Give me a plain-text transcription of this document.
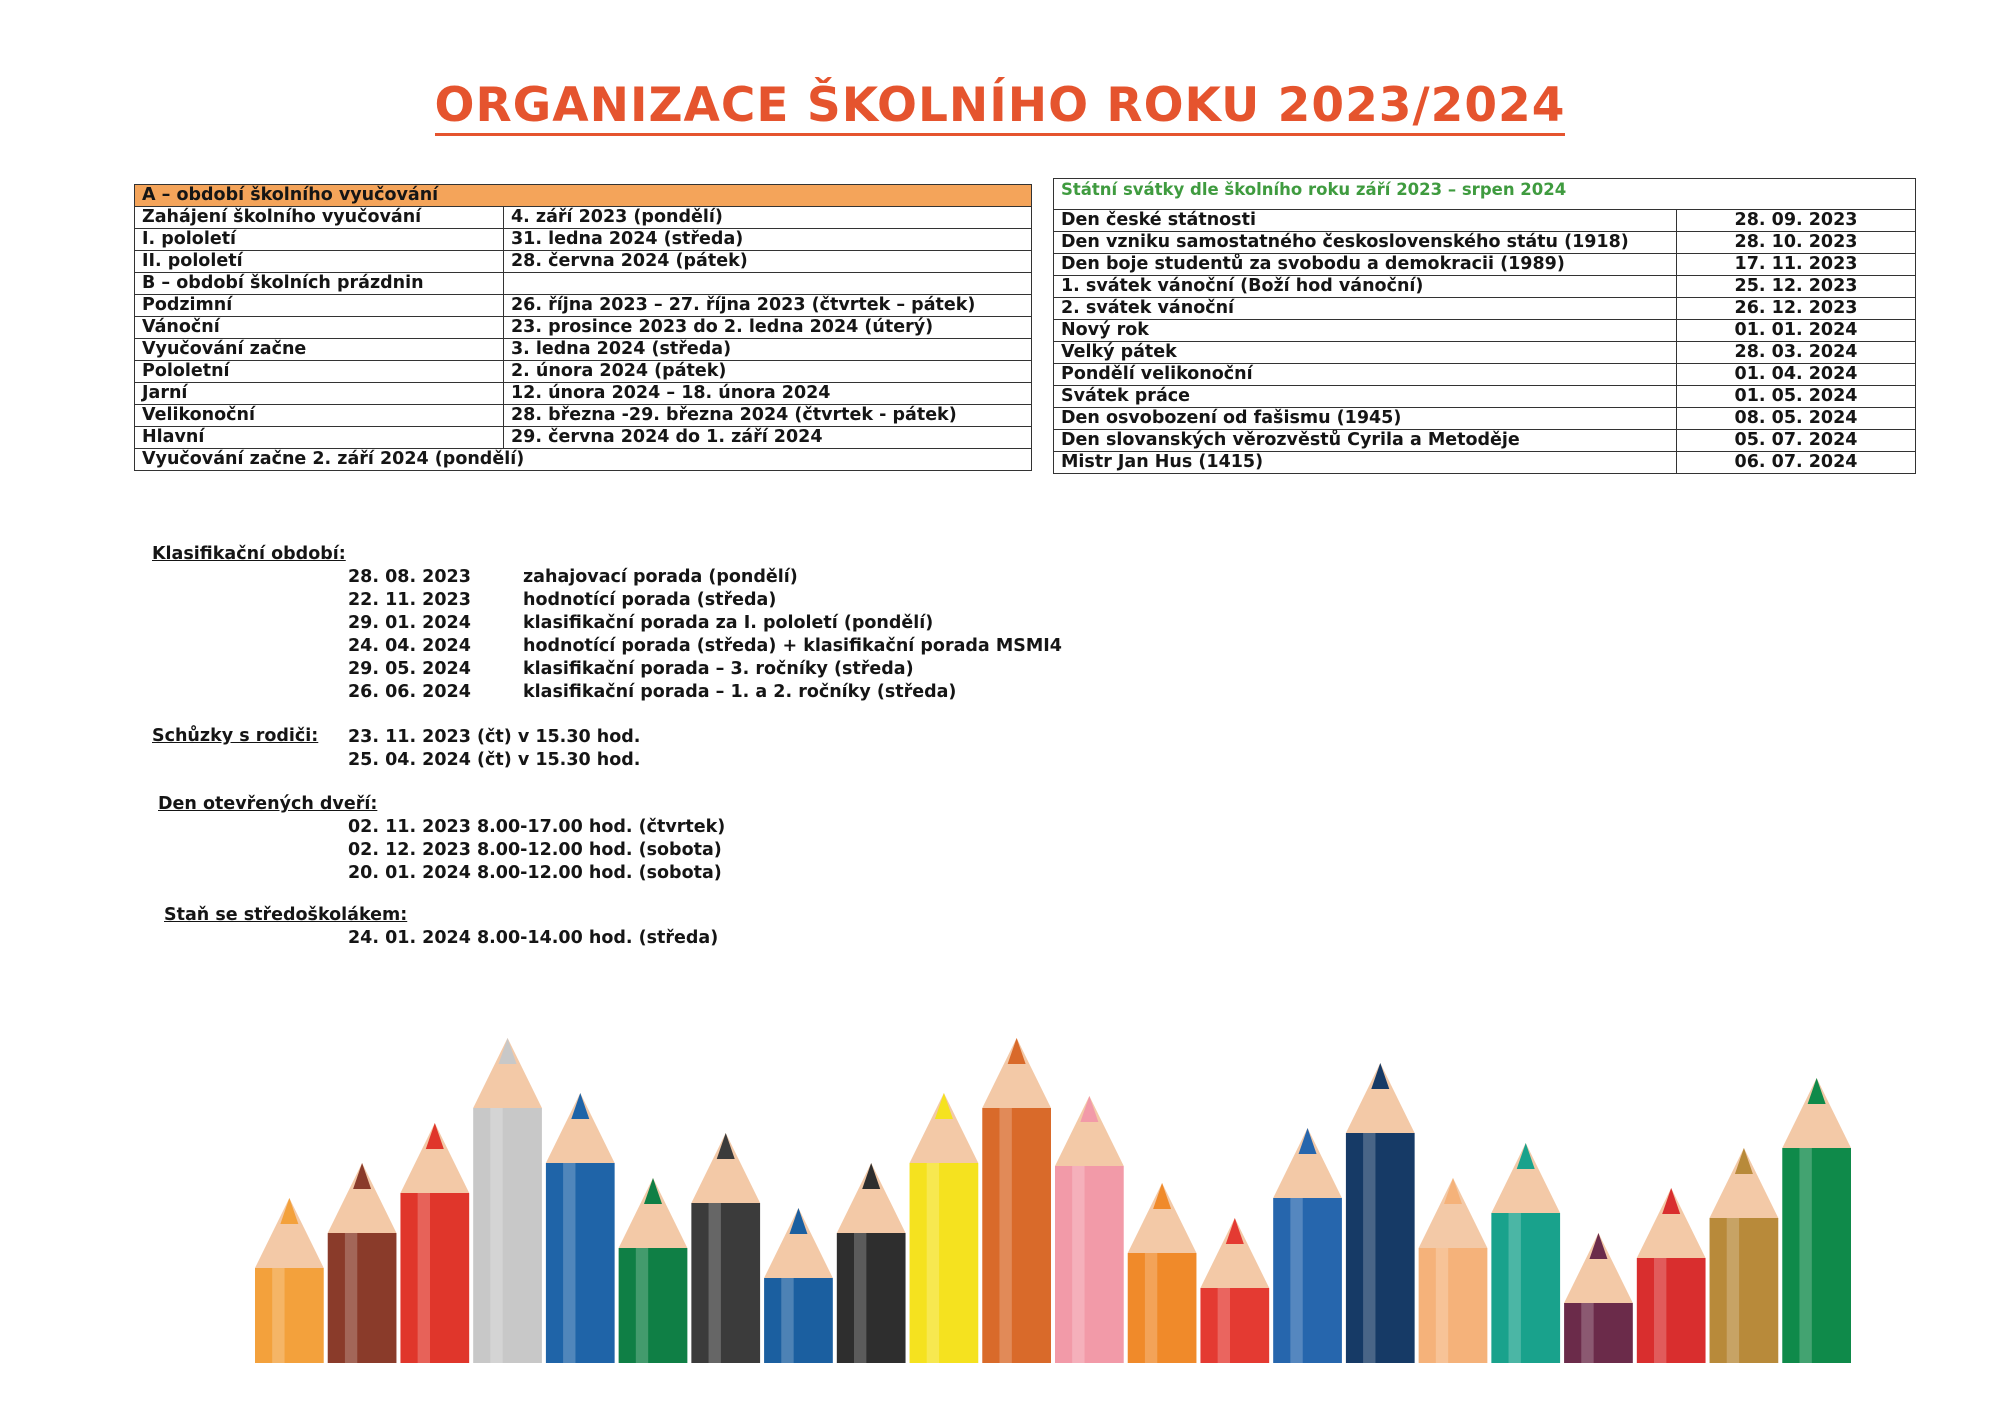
ORGANIZACE ŠKOLNÍHO ROKU 2023/2024
A – období školního vyučování	
Zahájení školního vyučování	4. září 2023 (pondělí)
I. pololetí	31. ledna 2024 (středa)
II. pololetí	28. června 2024 (pátek)
B – období školních prázdnin	
Podzimní	26. října 2023 – 27. října 2023 (čtvrtek – pátek)
Vánoční	23. prosince 2023 do 2. ledna 2024 (úterý)
Vyučování začne	3. ledna 2024 (středa)
Pololetní	2. února 2024 (pátek)
Jarní	12. února 2024 – 18. února 2024
Velikonoční	28. března -29. března 2024 (čtvrtek - pátek)
Hlavní	29. června 2024 do 1. září 2024
Vyučování začne 2. září 2024 (pondělí)	
Státní svátky dle školního roku září 2023 – srpen 2024	
Den české státnosti	28. 09. 2023
Den vzniku samostatného československého státu (1918)	28. 10. 2023
Den boje studentů za svobodu a demokracii (1989)	17. 11. 2023
1. svátek vánoční (Boží hod vánoční)	25. 12. 2023
2. svátek vánoční	26. 12. 2023
Nový rok	01. 01. 2024
Velký pátek	28. 03. 2024
Pondělí velikonoční	01. 04. 2024
Svátek práce	01. 05. 2024
Den osvobození od fašismu (1945)	08. 05. 2024
Den slovanských věrozvěstů Cyrila a Metoděje	05. 07. 2024
Mistr Jan Hus (1415)	06. 07. 2024
Klasifikační období:
28. 08. 2023	zahajovací porada (pondělí)
22. 11. 2023	hodnotící porada (středa)
29. 01. 2024	klasifikační porada za I. pololetí (pondělí)
24. 04. 2024	hodnotící porada (středa) + klasifikační porada MSMI4
29. 05. 2024	klasifikační porada – 3. ročníky (středa)
26. 06. 2024	klasifikační porada – 1. a 2. ročníky (středa)
Schůzky s rodiči: 23. 11. 2023 (čt) v 15.30 hod.
25. 04. 2024 (čt) v 15.30 hod.
Den otevřených dveří:
02. 11. 2023 8.00-17.00 hod. (čtvrtek)
02. 12. 2023 8.00-12.00 hod. (sobota)
20. 01. 2024 8.00-12.00 hod. (sobota)
Staň se středoškolákem:
24. 01. 2024 8.00-14.00 hod. (středa)
